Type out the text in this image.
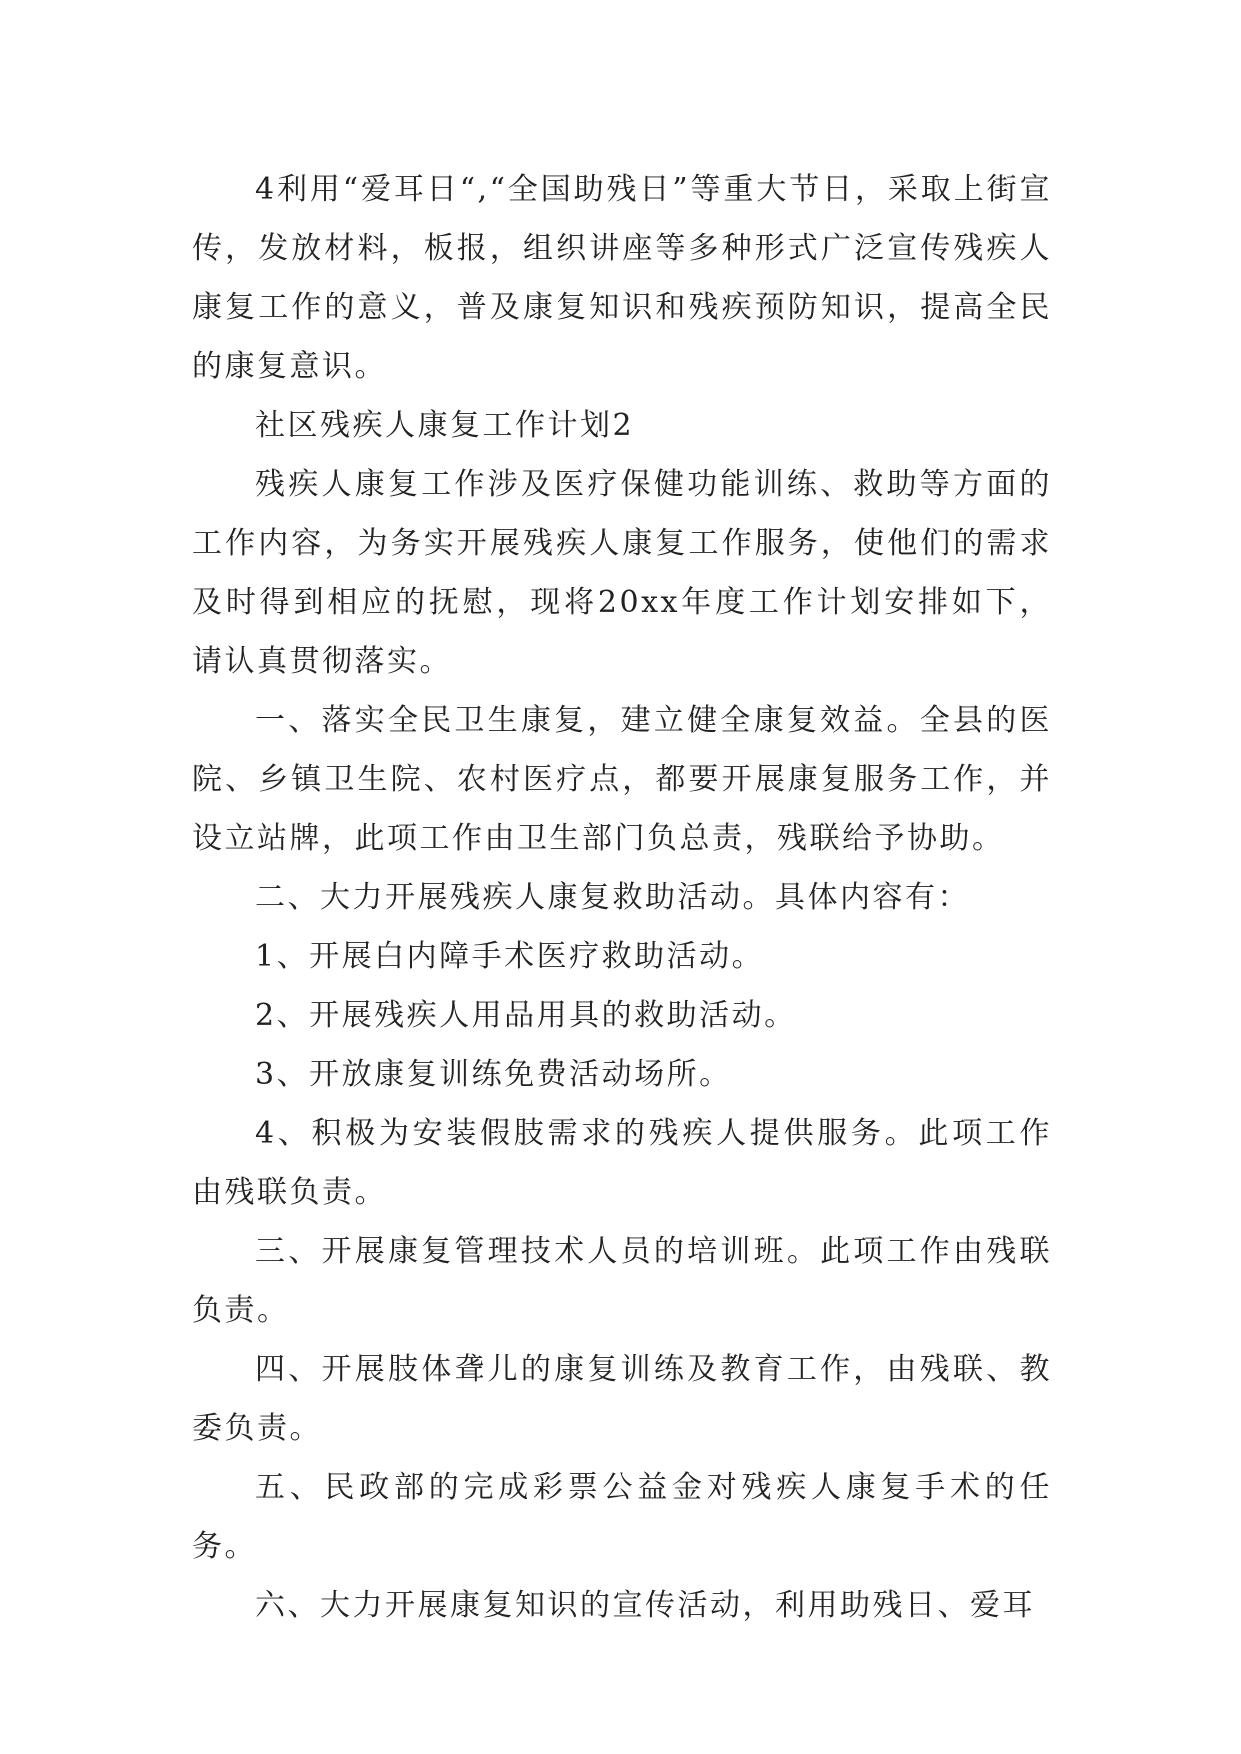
4利用“爱耳日“,“全国助残日”等重大节日，采取上街宣传，发放材料，板报，组织讲座等多种形式广泛宣传残疾人康复工作的意义，普及康复知识和残疾预防知识，提高全民的康复意识。

社区残疾人康复工作计划2

残疾人康复工作涉及医疗保健功能训练、救助等方面的工作内容，为务实开展残疾人康复工作服务，使他们的需求及时得到相应的抚慰，现将20xx年度工作计划安排如下，请认真贯彻落实。

一、落实全民卫生康复，建立健全康复效益。全县的医院、乡镇卫生院、农村医疗点，都要开展康复服务工作，并设立站牌，此项工作由卫生部门负总责，残联给予协助。

二、大力开展残疾人康复救助活动。具体内容有：

1、开展白内障手术医疗救助活动。

2、开展残疾人用品用具的救助活动。

3、开放康复训练免费活动场所。

4、积极为安装假肢需求的残疾人提供服务。此项工作由残联负责。

三、开展康复管理技术人员的培训班。此项工作由残联负责。

四、开展肢体聋儿的康复训练及教育工作，由残联、教委负责。

五、民政部的完成彩票公益金对残疾人康复手术的任务。

六、大力开展康复知识的宣传活动，利用助残日、爱耳
